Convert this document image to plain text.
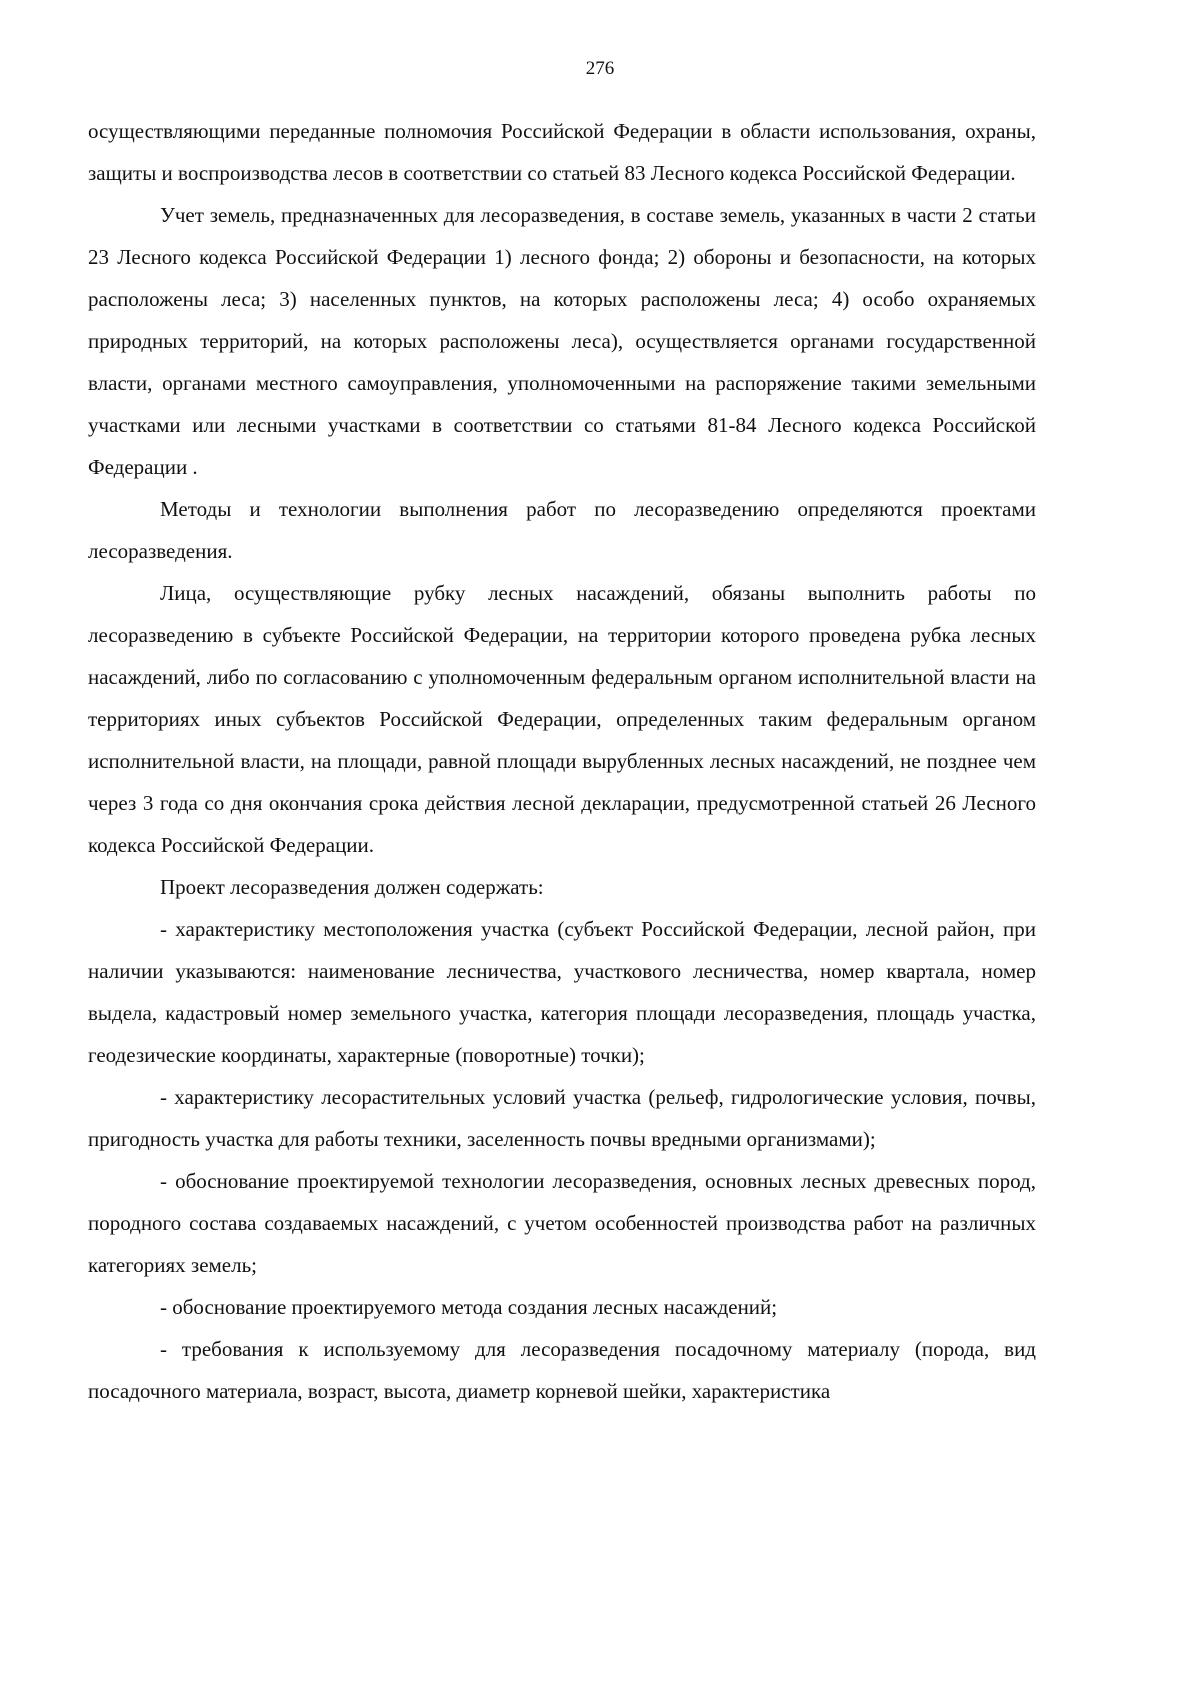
276

осуществляющими переданные полномочия Российской Федерации в области использования, охраны, защиты и воспроизводства лесов в соответствии со статьей 83 Лесного кодекса Российской Федерации.

Учет земель, предназначенных для лесоразведения, в составе земель, указанных в части 2 статьи 23 Лесного кодекса Российской Федерации 1) лесного фонда; 2) обороны и безопасности, на которых расположены леса; 3) населенных пунктов, на которых расположены леса; 4) особо охраняемых природных территорий, на которых расположены леса), осуществляется органами государственной власти, органами местного самоуправления, уполномоченными на распоряжение такими земельными участками или лесными участками в соответствии со статьями 81-84 Лесного кодекса Российской Федерации .

Методы и технологии выполнения работ по лесоразведению определяются проектами лесоразведения.

Лица, осуществляющие рубку лесных насаждений, обязаны выполнить работы по лесоразведению в субъекте Российской Федерации, на территории которого проведена рубка лесных насаждений, либо по согласованию с уполномоченным федеральным органом исполнительной власти на территориях иных субъектов Российской Федерации, определенных таким федеральным органом исполнительной власти, на площади, равной площади вырубленных лесных насаждений, не позднее чем через 3 года со дня окончания срока действия лесной декларации, предусмотренной статьей 26 Лесного кодекса Российской Федерации.

Проект лесоразведения должен содержать:

- характеристику местоположения участка (субъект Российской Федерации, лесной район, при наличии указываются: наименование лесничества, участкового лесничества, номер квартала, номер выдела, кадастровый номер земельного участка, категория площади лесоразведения, площадь участка, геодезические координаты, характерные (поворотные) точки);

- характеристику лесорастительных условий участка (рельеф, гидрологические условия, почвы, пригодность участка для работы техники, заселенность почвы вредными организмами);

- обоснование проектируемой технологии лесоразведения, основных лесных древесных пород, породного состава создаваемых насаждений, с учетом особенностей производства работ на различных категориях земель;

- обоснование проектируемого метода создания лесных насаждений;

- требования к используемому для лесоразведения посадочному материалу (порода, вид посадочного материала, возраст, высота, диаметр корневой шейки, характеристика
